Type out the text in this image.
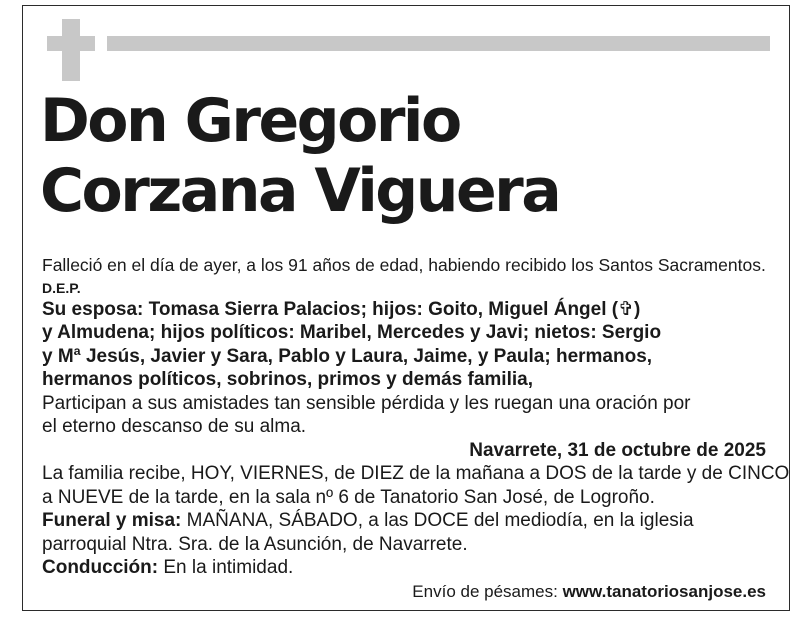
Don Gregorio
Corzana Viguera

Falleció en el día de ayer, a los 91 años de edad, habiendo recibido los Santos Sacramentos.

D.E.P.

Su esposa: Tomasa Sierra Palacios; hijos: Goito, Miguel Ángel (✞)

y Almudena; hijos políticos: Maribel, Mercedes y Javi; nietos: Sergio

y Mª Jesús, Javier y Sara, Pablo y Laura, Jaime, y Paula; hermanos,

hermanos políticos, sobrinos, primos y demás familia,

Participan a sus amistades tan sensible pérdida y les ruegan una oración por

el eterno descanso de su alma.

Navarrete, 31 de octubre de 2025

La familia recibe, HOY, VIERNES, de DIEZ de la mañana a DOS de la tarde y de CINCO

a NUEVE de la tarde, en la sala nº 6 de Tanatorio San José, de Logroño.

Funeral y misa: MAÑANA, SÁBADO, a las DOCE del mediodía, en la iglesia

parroquial Ntra. Sra. de la Asunción, de Navarrete.

Conducción: En la intimidad.

Envío de pésames: www.tanatoriosanjose.es
